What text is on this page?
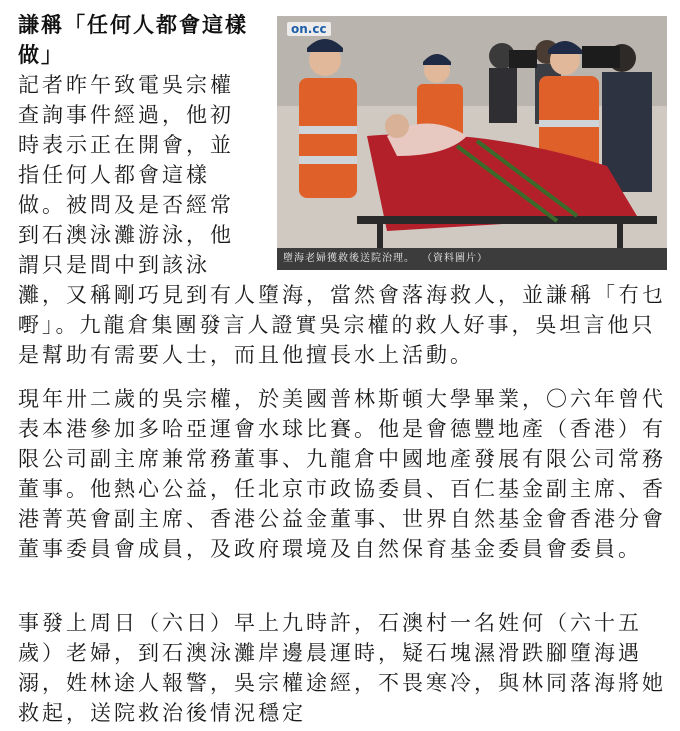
謙稱「任何人都會這樣做」

記者昨午致電吳宗權查詢事件經過，他初時表示正在開會，並指任何人都會這樣做。被問及是否經常到石澳泳灘游泳，他謂只是間中到該泳

on.cc
墮海老婦獲救後送院治理。 （資料圖片）

灘，又稱剛巧見到有人墮海，當然會落海救人，並謙稱「冇乜嘢」。九龍倉集團發言人證實吳宗權的救人好事，吳坦言他只是幫助有需要人士，而且他擅長水上活動。

現年卅二歲的吳宗權，於美國普林斯頓大學畢業，〇六年曾代表本港參加多哈亞運會水球比賽。他是會德豐地產（香港）有限公司副主席兼常務董事、九龍倉中國地產發展有限公司常務董事。他熱心公益，任北京市政協委員、百仁基金副主席、香港菁英會副主席、香港公益金董事、世界自然基金會香港分會董事委員會成員，及政府環境及自然保育基金委員會委員。

事發上周日（六日）早上九時許，石澳村一名姓何（六十五歲）老婦，到石澳泳灘岸邊晨運時，疑石塊濕滑跌腳墮海遇溺，姓林途人報警，吳宗權途經，不畏寒冷，與林同落海將她救起，送院救治後情況穩定
